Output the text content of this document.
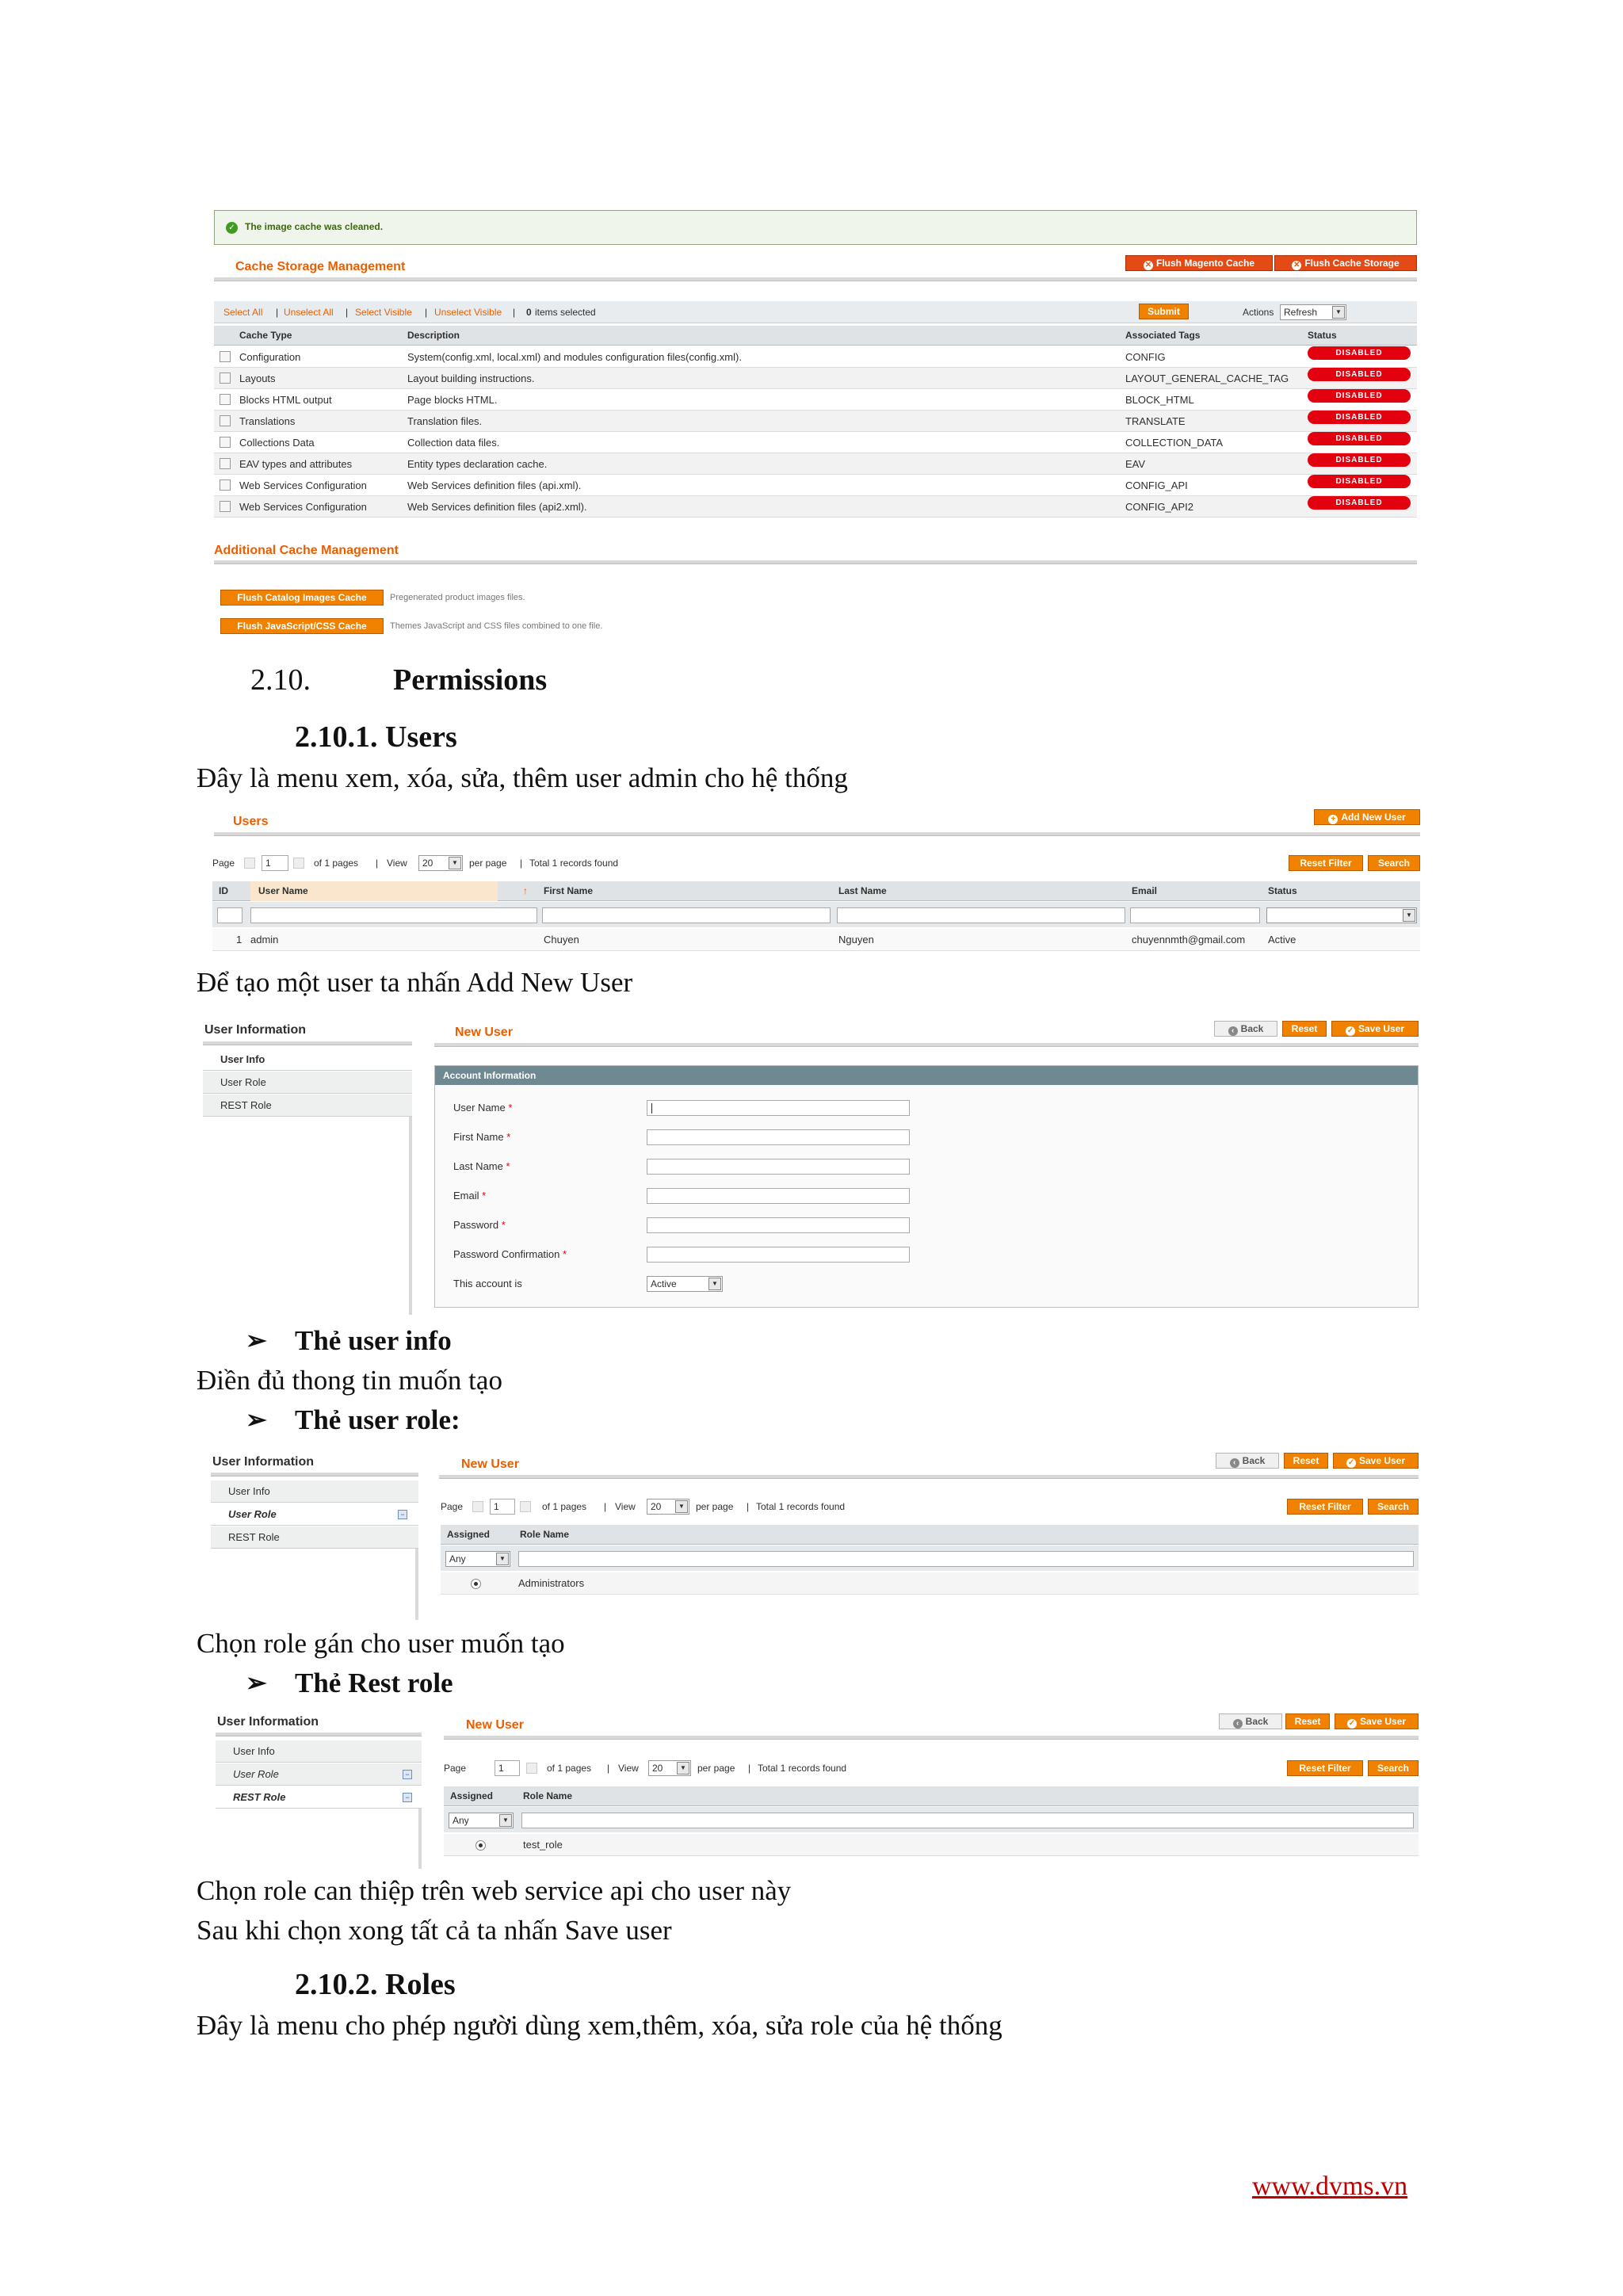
✓ The image cache was cleaned.
Cache Storage Management	✕ Flush Magento Cache	✕ Flush Cache Storage
Select All | Unselect All | Select Visible | Unselect Visible | 0 items selected	Actions	Refresh	▼
Submit
Cache Type	Description	Associated Tags	Status
Configuration	System(config.xml, local.xml) and modules configuration files(config.xml).	CONFIG	DISABLED
Layouts	Layout building instructions.	LAYOUT_GENERAL_CACHE_TAG	DISABLED
Blocks HTML output	Page blocks HTML.	BLOCK_HTML	DISABLED
Translations	Translation files.	TRANSLATE	DISABLED
Collections Data	Collection data files.	COLLECTION_DATA	DISABLED
EAV types and attributes	Entity types declaration cache.	EAV	DISABLED
Web Services Configuration	Web Services definition files (api.xml).	CONFIG_API	DISABLED
Web Services Configuration	Web Services definition files (api2.xml).	CONFIG_API2	DISABLED
Additional Cache Management
Flush Catalog Images Cache	Pregenerated product images files.
Flush JavaScript/CSS Cache	Themes JavaScript and CSS files combined to one file.
2.10.	Permissions
2.10.1. Users
Đây là menu xem, xóa, sửa, thêm user admin cho hệ thống
Users	+ Add New User
Page	1	of 1 pages | View	20	▼	per page | Total 1 records found	Reset Filter	Search
ID	User Name	↑ First Name	Last Name	Email	Status
▼
1 admin	Chuyen	Nguyen	chuyennmth@gmail.com Active
Để tạo một user ta nhấn Add New User
User Information
User Info
User Role
REST Role
New User	‹ Back	Reset	✓ Save User
Account Information
User Name *
First Name *
Last Name *
Email *
Password *
Password Confirmation *
This account is	Active	▼
➢ Thẻ user info
Điền đủ thong tin muốn tạo
➢ Thẻ user role:
User Information
User Info
User Role	−
REST Role
New User	‹ Back	Reset	✓ Save User
Page	1	of 1 pages | View	20	▼	per page | Total 1 records found	Reset Filter	Search
Assigned	Role Name
Any	▼
Administrators
Chọn role gán cho user muốn tạo
➢ Thẻ Rest role
User Information
User Info
User Role	−
REST Role	−
New User	‹ Back	Reset	✓ Save User
Page	1	of 1 pages | View	20	▼	per page | Total 1 records found	Reset Filter	Search
Assigned	Role Name
Any	▼
test_role
Chọn role can thiệp trên web service api cho user này
Sau khi chọn xong tất cả ta nhấn Save user
2.10.2. Roles
Đây là menu cho phép người dùng xem,thêm, xóa, sửa role của hệ thống
www.dvms.vn
